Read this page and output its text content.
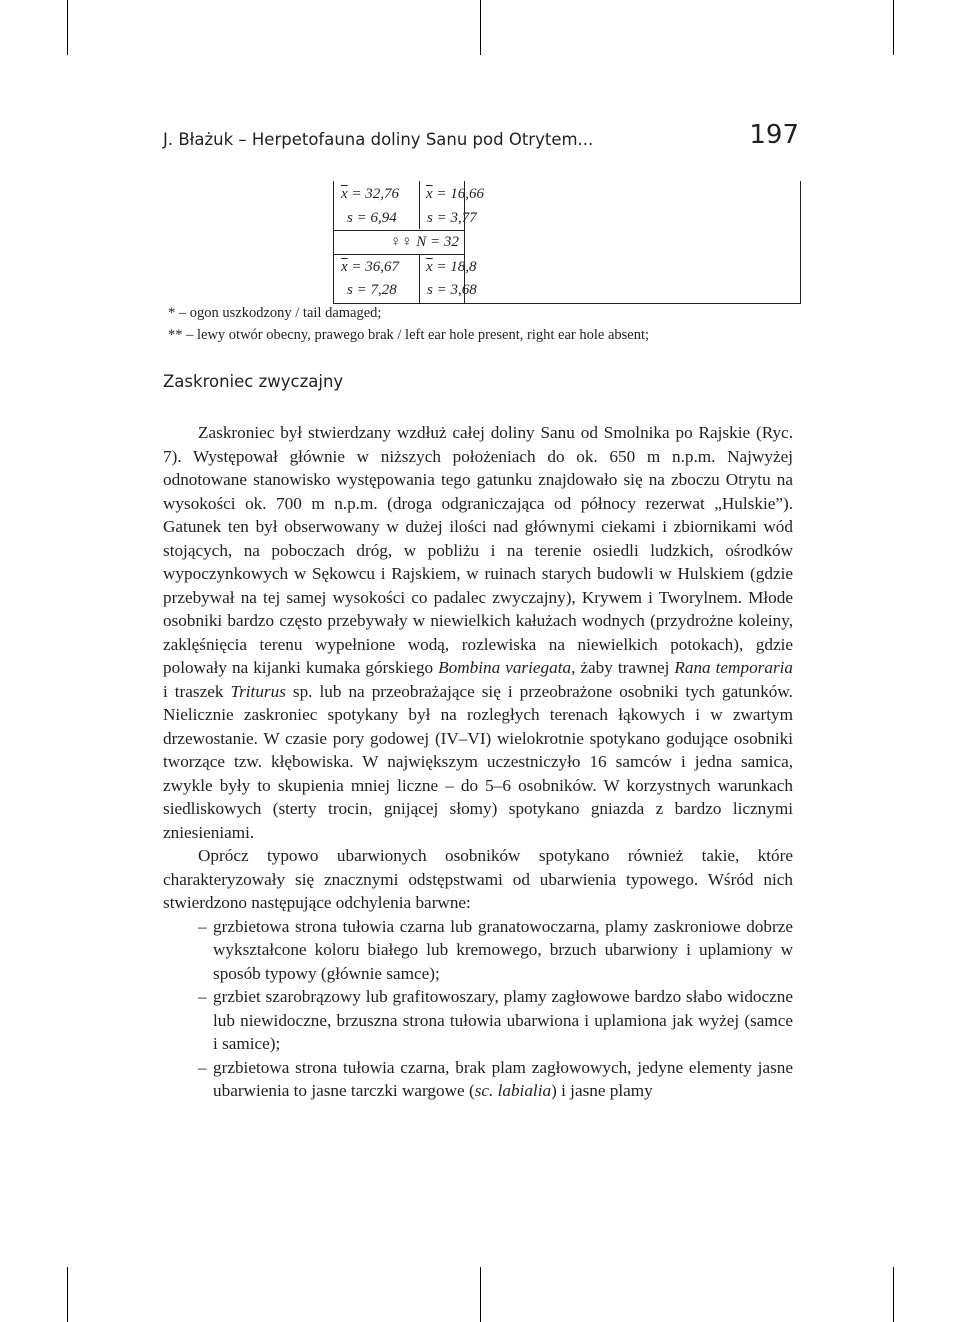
J. Błażuk – Herpetofauna doliny Sanu pod Otrytem...	197
$\overline{x} = 32,76$ $\overline{x} = 16,66$
s = 6,94 s = 3,77
♀♀ N = 32
$\overline{x} = 36,67$ $\overline{x} = 18,8$
s = 7,28 s = 3,68
* – ogon uszkodzony / tail damaged;
** – lewy otwór obecny, prawego brak / left ear hole present, right ear hole absent;
Zaskroniec zwyczajny

Zaskroniec był stwierdzany wzdłuż całej doliny Sanu od Smolnika po Rajskie (Ryc. 7). Występował głównie w niższych położeniach do ok. 650 m n.p.m. Najwyżej odnotowane stanowisko występowania tego gatunku znajdowało się na zboczu Otrytu na wysokości ok. 700 m n.p.m. (droga odgraniczająca od północy rezerwat „Hulskie”). Gatunek ten był obserwowany w dużej ilości nad głównymi ciekami i zbiornikami wód stojących, na poboczach dróg, w pobliżu i na terenie osiedli ludzkich, ośrodków wypoczynkowych w Sękowcu i Rajskiem, w ruinach starych budowli w Hulskiem (gdzie przebywał na tej samej wysokości co padalec zwyczajny), Krywem i Tworylnem. Młode osobniki bardzo często przebywały w niewielkich kałużach wodnych (przydrożne koleiny, zaklęśnięcia terenu wypełnione wodą, rozlewiska na niewielkich potokach), gdzie polowały na kijanki kumaka górskiego Bombina variegata, żaby trawnej Rana temporaria i traszek Triturus sp. lub na przeobrażające się i przeobrażone osobniki tych gatunków. Nielicznie zaskroniec spotykany był na rozległych terenach łąkowych i w zwartym drzewostanie. W czasie pory godowej (IV–VI) wielokrotnie spotykano godujące osobniki tworzące tzw. kłębowiska. W największym uczestniczyło 16 samców i jedna samica, zwykle były to skupienia mniej liczne – do 5–6 osobników. W korzystnych warunkach siedliskowych (sterty trocin, gnijącej słomy) spotykano gniazda z bardzo licznymi zniesieniami.

Oprócz typowo ubarwionych osobników spotykano również takie, które charakteryzowały się znacznymi odstępstwami od ubarwienia typowego. Wśród nich stwierdzono następujące odchylenia barwne:

– grzbietowa strona tułowia czarna lub granatowoczarna, plamy zaskroniowe dobrze wykształcone koloru białego lub kremowego, brzuch ubarwiony i uplamiony w sposób typowy (głównie samce);
– grzbiet szarobrązowy lub grafitowoszary, plamy zagłowowe bardzo słabo widoczne lub niewidoczne, brzuszna strona tułowia ubarwiona i uplamiona jak wyżej (samce i samice);
– grzbietowa strona tułowia czarna, brak plam zagłowowych, jedyne elementy jasne ubarwienia to jasne tarczki wargowe (sc. labialia) i jasne plamy
